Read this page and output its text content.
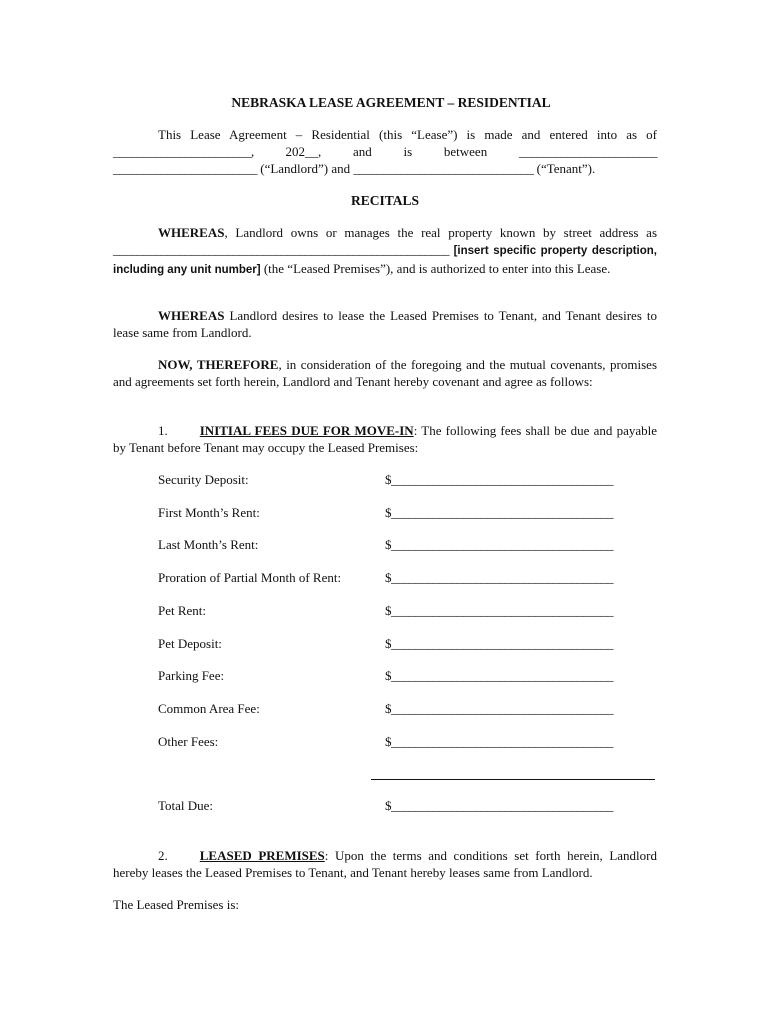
NEBRASKA LEASE AGREEMENT – RESIDENTIAL
This Lease Agreement – Residential (this “Lease”) is made and entered into as of
_______________________, 202__, and is between _______________________
________________________ (“Landlord”) and ______________________________ (“Tenant”).
RECITALS
WHEREAS, Landlord owns or manages the real property known by street address as ________________________________________________________ [insert specific property description, including any unit number] (the “Leased Premises”), and is authorized to enter into this Lease.
WHEREAS Landlord desires to lease the Leased Premises to Tenant, and Tenant desires to lease same from Landlord.
NOW, THEREFORE, in consideration of the foregoing and the mutual covenants, promises and agreements set forth herein, Landlord and Tenant hereby covenant and agree as follows:
1. INITIAL FEES DUE FOR MOVE-IN: The following fees shall be due and payable by Tenant before Tenant may occupy the Leased Premises:
Security Deposit:	$_____________________________________
First Month’s Rent:	$_____________________________________
Last Month’s Rent:	$_____________________________________
Proration of Partial Month of Rent:	$_____________________________________
Pet Rent:	$_____________________________________
Pet Deposit:	$_____________________________________
Parking Fee:	$_____________________________________
Common Area Fee:	$_____________________________________
Other Fees:	$_____________________________________
Total Due:	$_____________________________________
2. LEASED PREMISES: Upon the terms and conditions set forth herein, Landlord hereby leases the Leased Premises to Tenant, and Tenant hereby leases same from Landlord.
The Leased Premises is:
